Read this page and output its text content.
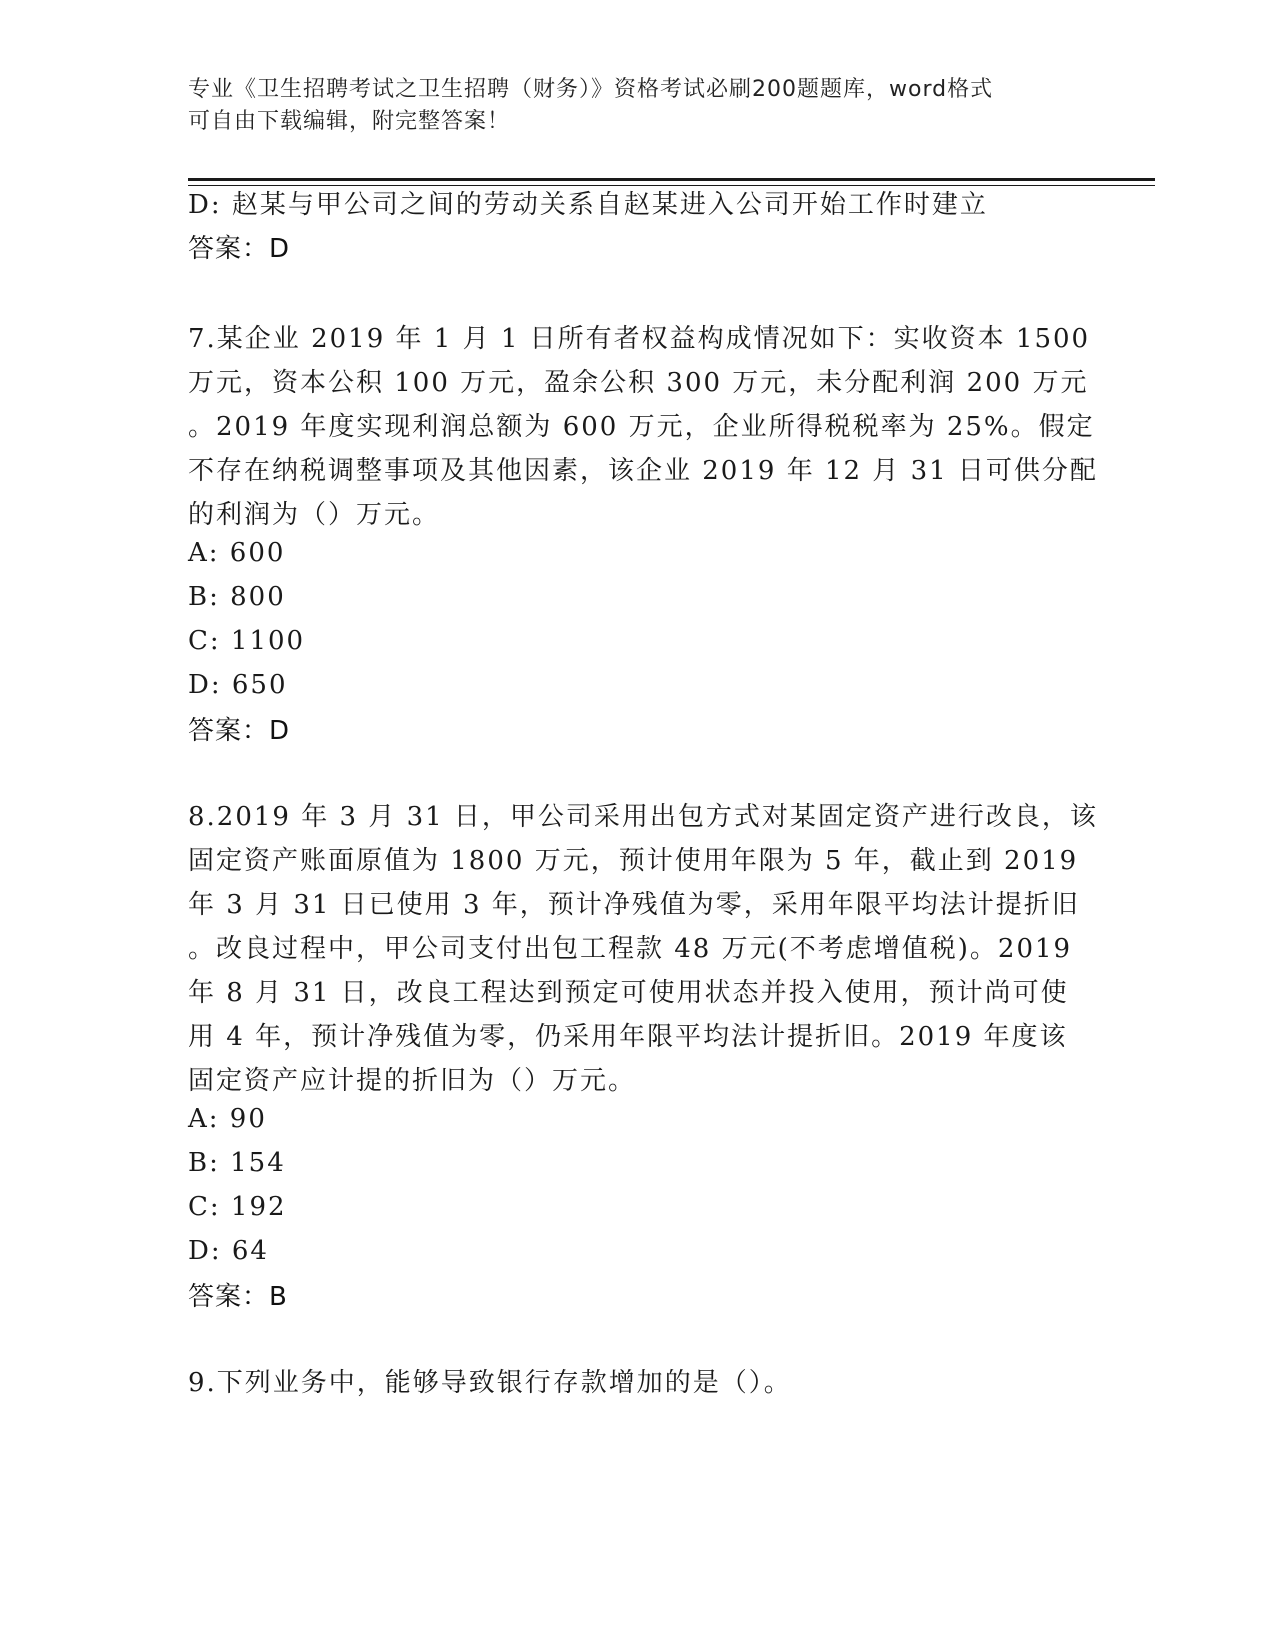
专业《卫生招聘考试之卫生招聘（财务）》资格考试必刷200题题库，word格式
可自由下载编辑，附完整答案！
D: 赵某与甲公司之间的劳动关系自赵某进入公司开始工作时建立
答案：D
7.某企业 2019 年 1 月 1 日所有者权益构成情况如下：实收资本 1500
万元，资本公积 100 万元，盈余公积 300 万元，未分配利润 200 万元
。2019 年度实现利润总额为 600 万元，企业所得税税率为 25%。假定
不存在纳税调整事项及其他因素，该企业 2019 年 12 月 31 日可供分配
的利润为（）万元。
A: 600
B: 800
C: 1100
D: 650
答案：D
8.2019 年 3 月 31 日，甲公司采用出包方式对某固定资产进行改良，该
固定资产账面原值为 1800 万元，预计使用年限为 5 年，截止到 2019
年 3 月 31 日已使用 3 年，预计净残值为零，采用年限平均法计提折旧
。改良过程中，甲公司支付出包工程款 48 万元(不考虑增值税)。2019
年 8 月 31 日，改良工程达到预定可使用状态并投入使用，预计尚可使
用 4 年，预计净残值为零，仍采用年限平均法计提折旧。2019 年度该
固定资产应计提的折旧为（）万元。
A: 90
B: 154
C: 192
D: 64
答案：B
9.下列业务中，能够导致银行存款增加的是（）。
